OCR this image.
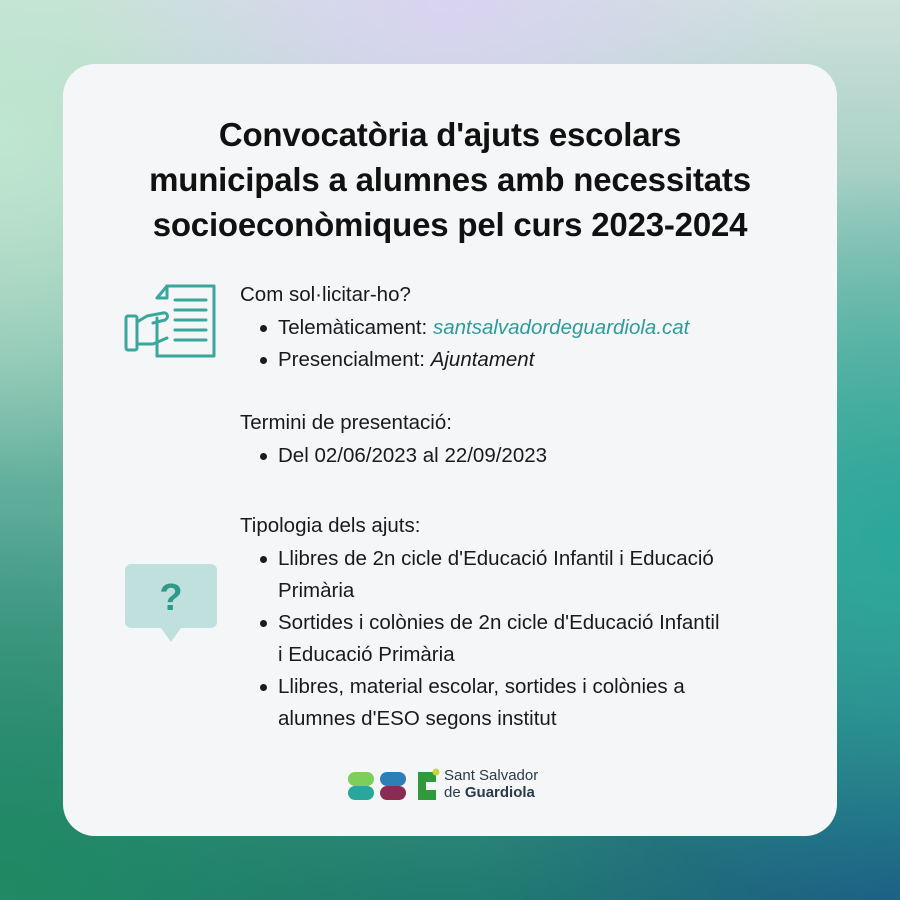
Convocatòria d'ajuts escolars
municipals a alumnes amb necessitats
socioeconòmiques pel curs 2023-2024
Com sol·licitar-ho?
Telemàticament: santsalvadordeguardiola.cat
Presencialment: Ajuntament
Termini de presentació:
Del 02/06/2023 al 22/09/2023
?
Tipologia dels ajuts:
Llibres de 2n cicle d'Educació Infantil i Educació Primària
Sortides i colònies de 2n cicle d'Educació Infantil i Educació Primària
Llibres, material escolar, sortides i colònies a alumnes d'ESO segons institut
Sant Salvador
de Guardiola
